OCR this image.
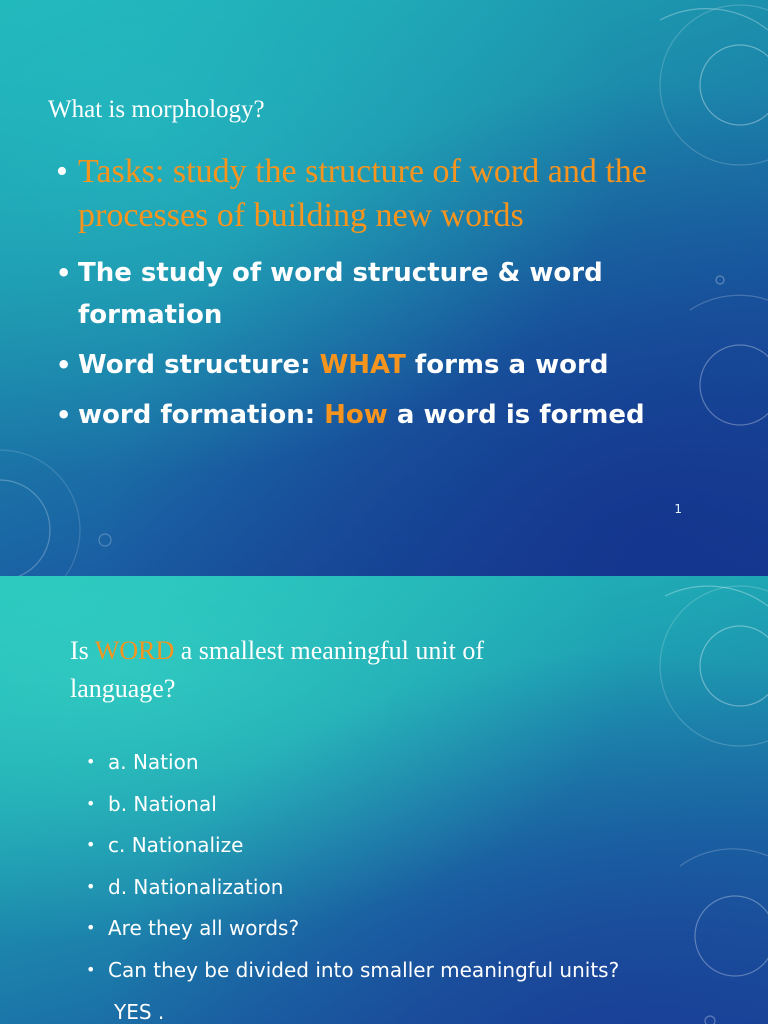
What is morphology?
• Tasks: study the structure of word and the processes of building new words
• The study of word structure & word formation
• Word structure: WHAT forms a word
• word formation: How a word is formed
1
Is WORD a smallest meaningful unit of language?
• a. Nation
• b. National
• c. Nationalize
• d. Nationalization
• Are they all words?
• Can they be divided into smaller meaningful units?

YES .
